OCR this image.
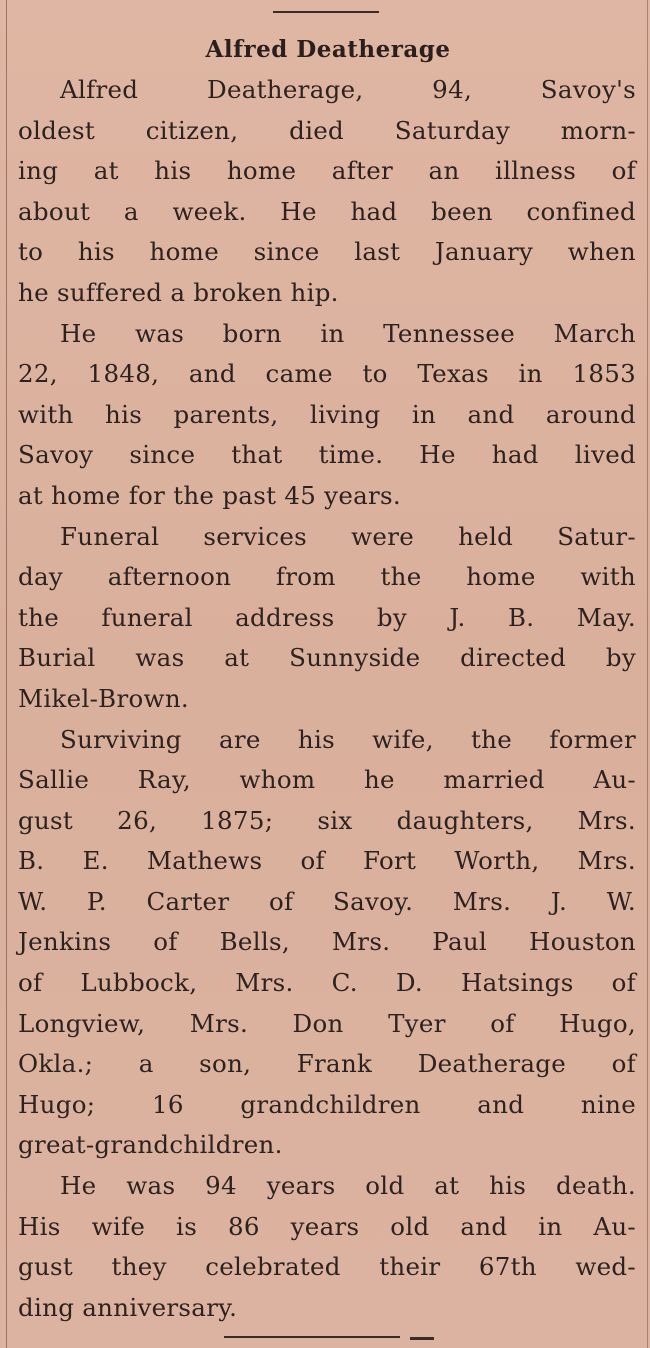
Alfred Deatherage
Alfred Deatherage, 94, Savoy's
oldest citizen, died Saturday morn-
ing at his home after an illness of
about a week. He had been confined
to his home since last January when
he suffered a broken hip.
He was born in Tennessee March
22, 1848, and came to Texas in 1853
with his parents, living in and around
Savoy since that time. He had lived
at home for the past 45 years.
Funeral services were held Satur-
day afternoon from the home with
the funeral address by J. B. May.
Burial was at Sunnyside directed by
Mikel-Brown.
Surviving are his wife, the former
Sallie Ray, whom he married Au-
gust 26, 1875; six daughters, Mrs.
B. E. Mathews of Fort Worth, Mrs.
W. P. Carter of Savoy. Mrs. J. W.
Jenkins of Bells, Mrs. Paul Houston
of Lubbock, Mrs. C. D. Hatsings of
Longview, Mrs. Don Tyer of Hugo,
Okla.; a son, Frank Deatherage of
Hugo; 16 grandchildren and nine
great-grandchildren.
He was 94 years old at his death.
His wife is 86 years old and in Au-
gust they celebrated their 67th wed-
ding anniversary.
